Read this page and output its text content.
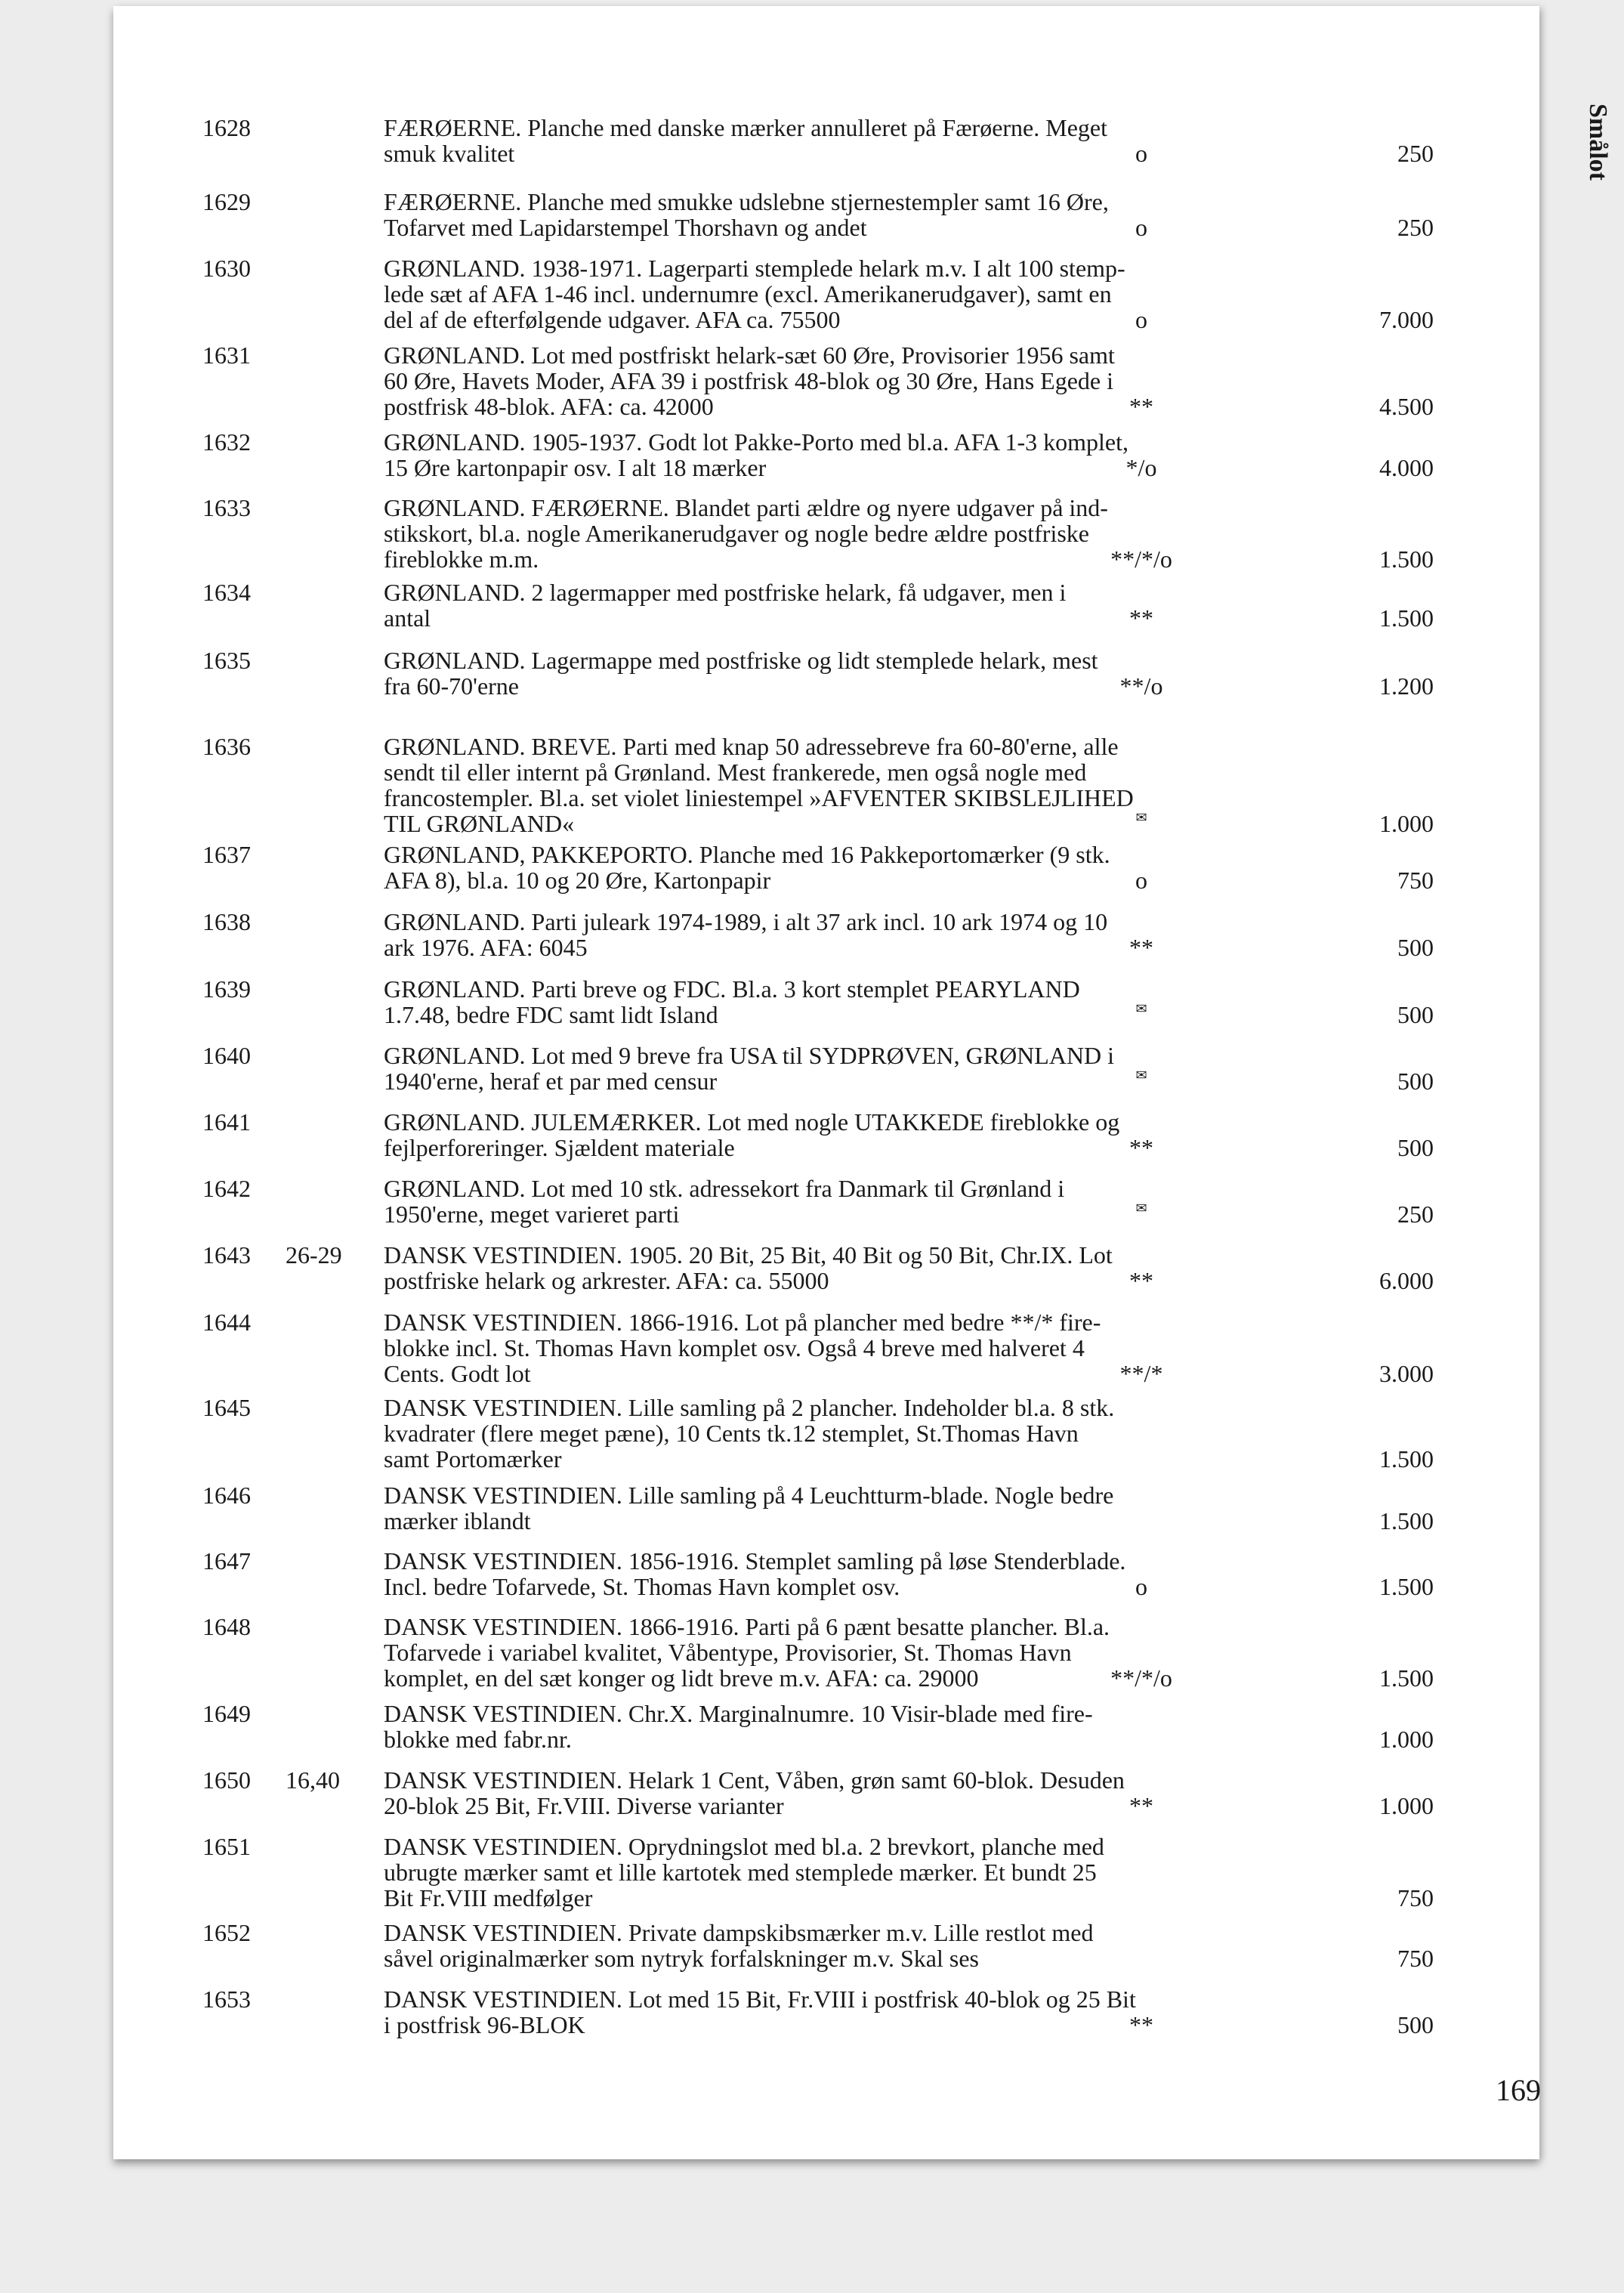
Smålot
169
1628	FÆRØERNE. Planche med danske mærker annulleret på Færøerne. Meget
smuk kvalitet	o	250
1629	FÆRØERNE. Planche med smukke udslebne stjernestempler samt 16 Øre,
Tofarvet med Lapidarstempel Thorshavn og andet	o	250
1630	GRØNLAND. 1938-1971. Lagerparti stemplede helark m.v. I alt 100 stemp-
lede sæt af AFA 1-46 incl. undernumre (excl. Amerikanerudgaver), samt en
del af de efterfølgende udgaver. AFA ca. 75500	o	7.000
1631	GRØNLAND. Lot med postfriskt helark-sæt 60 Øre, Provisorier 1956 samt
60 Øre, Havets Moder, AFA 39 i postfrisk 48-blok og 30 Øre, Hans Egede i
postfrisk 48-blok. AFA: ca. 42000	**	4.500
1632	GRØNLAND. 1905-1937. Godt lot Pakke-Porto med bl.a. AFA 1-3 komplet,
15 Øre kartonpapir osv. I alt 18 mærker	*/o	4.000
1633	GRØNLAND. FÆRØERNE. Blandet parti ældre og nyere udgaver på ind-
stikskort, bl.a. nogle Amerikanerudgaver og nogle bedre ældre postfriske
fireblokke m.m.	**/*/o	1.500
1634	GRØNLAND. 2 lagermapper med postfriske helark, få udgaver, men i
antal	**	1.500
1635	GRØNLAND. Lagermappe med postfriske og lidt stemplede helark, mest
fra 60-70'erne	**/o	1.200
1636	GRØNLAND. BREVE. Parti med knap 50 adressebreve fra 60-80'erne, alle
sendt til eller internt på Grønland. Mest frankerede, men også nogle med
francostempler. Bl.a. set violet liniestempel »AFVENTER SKIBSLEJLIHED
TIL GRØNLAND«	✉	1.000
1637	GRØNLAND, PAKKEPORTO. Planche med 16 Pakkeportomærker (9 stk.
AFA 8), bl.a. 10 og 20 Øre, Kartonpapir	o	750
1638	GRØNLAND. Parti juleark 1974-1989, i alt 37 ark incl. 10 ark 1974 og 10
ark 1976. AFA: 6045	**	500
1639	GRØNLAND. Parti breve og FDC. Bl.a. 3 kort stemplet PEARYLAND
1.7.48, bedre FDC samt lidt Island	✉	500
1640	GRØNLAND. Lot med 9 breve fra USA til SYDPRØVEN, GRØNLAND i
1940'erne, heraf et par med censur	✉	500
1641	GRØNLAND. JULEMÆRKER. Lot med nogle UTAKKEDE fireblokke og
fejlperforeringer. Sjældent materiale	**	500
1642	GRØNLAND. Lot med 10 stk. adressekort fra Danmark til Grønland i
1950'erne, meget varieret parti	✉	250
1643 26-29 DANSK VESTINDIEN. 1905. 20 Bit, 25 Bit, 40 Bit og 50 Bit, Chr.IX. Lot
postfriske helark og arkrester. AFA: ca. 55000	**	6.000
1644	DANSK VESTINDIEN. 1866-1916. Lot på plancher med bedre **/* fire-
blokke incl. St. Thomas Havn komplet osv. Også 4 breve med halveret 4
Cents. Godt lot	**/*	3.000
1645	DANSK VESTINDIEN. Lille samling på 2 plancher. Indeholder bl.a. 8 stk.
kvadrater (flere meget pæne), 10 Cents tk.12 stemplet, St.Thomas Havn
samt Portomærker	1.500
1646	DANSK VESTINDIEN. Lille samling på 4 Leuchtturm-blade. Nogle bedre
mærker iblandt	1.500
1647	DANSK VESTINDIEN. 1856-1916. Stemplet samling på løse Stenderblade.
Incl. bedre Tofarvede, St. Thomas Havn komplet osv.	o	1.500
1648	DANSK VESTINDIEN. 1866-1916. Parti på 6 pænt besatte plancher. Bl.a.
Tofarvede i variabel kvalitet, Våbentype, Provisorier, St. Thomas Havn
komplet, en del sæt konger og lidt breve m.v. AFA: ca. 29000	**/*/o	1.500
1649	DANSK VESTINDIEN. Chr.X. Marginalnumre. 10 Visir-blade med fire-
blokke med fabr.nr.	1.000
1650 16,40 DANSK VESTINDIEN. Helark 1 Cent, Våben, grøn samt 60-blok. Desuden
20-blok 25 Bit, Fr.VIII. Diverse varianter	**	1.000
1651	DANSK VESTINDIEN. Oprydningslot med bl.a. 2 brevkort, planche med
ubrugte mærker samt et lille kartotek med stemplede mærker. Et bundt 25
Bit Fr.VIII medfølger	750
1652	DANSK VESTINDIEN. Private dampskibsmærker m.v. Lille restlot med
såvel originalmærker som nytryk forfalskninger m.v. Skal ses	750
1653	DANSK VESTINDIEN. Lot med 15 Bit, Fr.VIII i postfrisk 40-blok og 25 Bit
i postfrisk 96-BLOK	**	500
